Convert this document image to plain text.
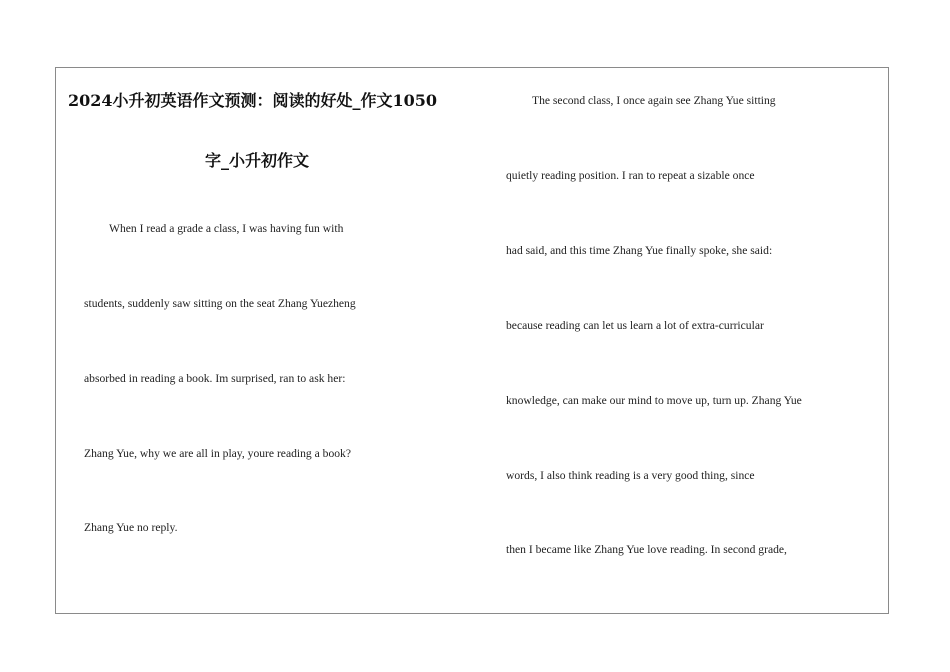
2024小升初英语作文预测：阅读的好处_作文1050
字_小升初作文
When I read a grade a class, I was having fun with
students, suddenly saw sitting on the seat Zhang Yuezheng
absorbed in reading a book. Im surprised, ran to ask her:
Zhang Yue, why we are all in play, youre reading a book?
Zhang Yue no reply.
The second class, I once again see Zhang Yue sitting
quietly reading position. I ran to repeat a sizable once
had said, and this time Zhang Yue finally spoke, she said:
because reading can let us learn a lot of extra-curricular
knowledge, can make our mind to move up, turn up. Zhang Yue
words, I also think reading is a very good thing, since
then I became like Zhang Yue love reading. In second grade,
